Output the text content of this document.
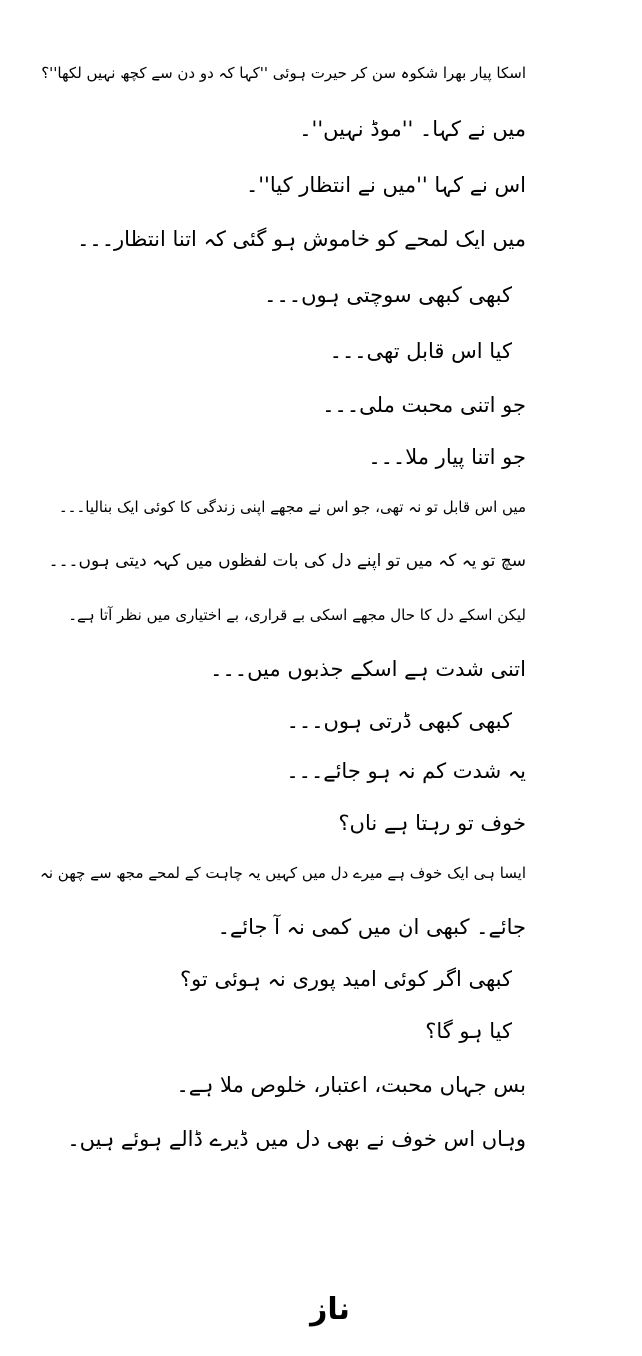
اسکا پیار بھرا شکوہ سن کر حیرت ہوئی ''کہا کہ دو دن سے کچھ نہیں لکھا''؟
میں نے کہا۔ ''موڈ نہیں''۔
اس نے کہا ''میں نے انتظار کیا''۔
میں ایک لمحے کو خاموش ہو گئی کہ اتنا انتظار۔۔۔
کبھی کبھی سوچتی ہوں۔۔۔
کیا اس قابل تھی۔۔۔
جو اتنی محبت ملی۔۔۔
جو اتنا پیار ملا۔۔۔
میں اس قابل تو نہ تھی، جو اس نے مجھے اپنی زندگی کا کوئی ایک بنالیا۔۔۔
سچ تو یہ کہ میں تو اپنے دل کی بات لفظوں میں کہہ دیتی ہوں۔۔۔
لیکن اسکے دل کا حال مجھے اسکی بے قراری، بے اختیاری میں نظر آتا ہے۔
اتنی شدت ہے اسکے جذبوں میں۔۔۔
کبھی کبھی ڈرتی ہوں۔۔۔
یہ شدت کم نہ ہو جائے۔۔۔
خوف تو رہتا ہے ناں؟
ایسا ہی ایک خوف ہے میرے دل میں کہیں یہ چاہت کے لمحے مجھ سے چھن نہ
جائے۔ کبھی ان میں کمی نہ آ جائے۔
کبھی اگر کوئی امید پوری نہ ہوئی تو؟
کیا ہو گا؟
بس جہاں محبت، اعتبار، خلوص ملا ہے۔
وہاں اس خوف نے بھی دل میں ڈیرے ڈالے ہوئے ہیں۔
ناز
